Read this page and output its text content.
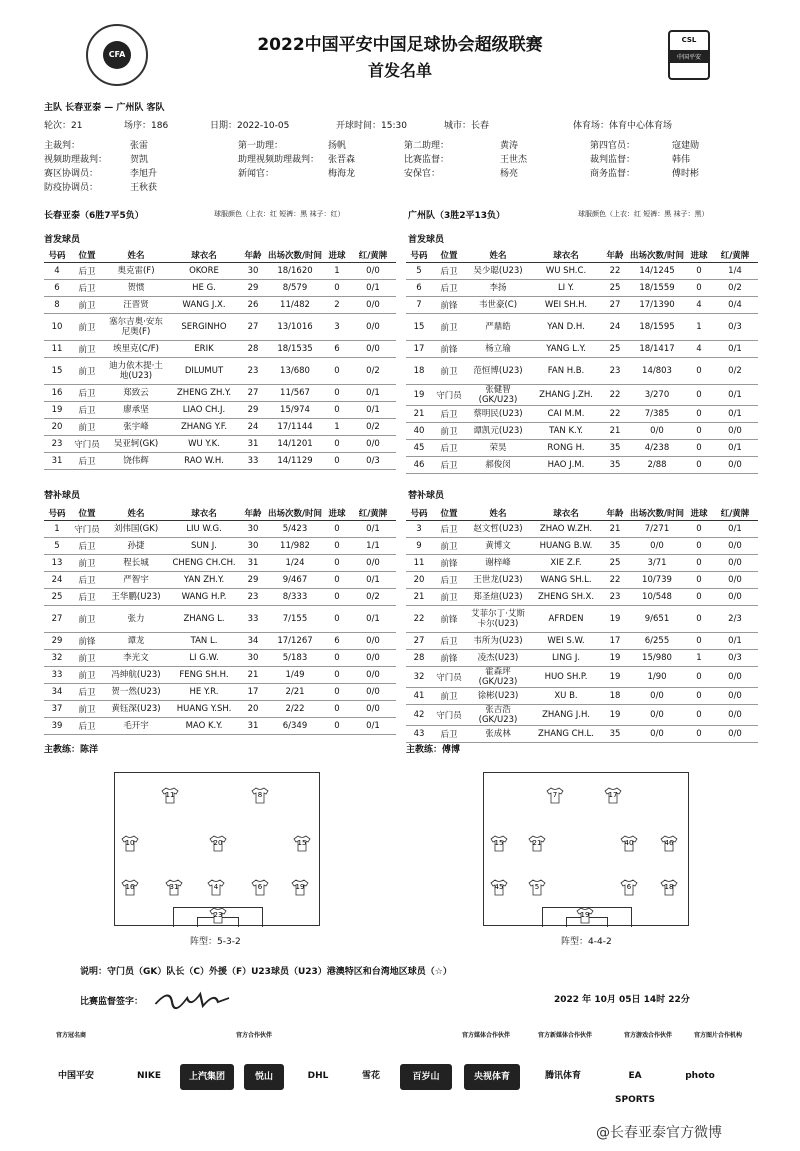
CFA	2022中国平安中国足球协会超级联赛
首发名单
CSL
中国平安
主队 长春亚泰 — 广州队 客队
轮次：21	场序：186	日期：2022-10-05	开球时间：15:30	城市：长春	体育场：体育中心体育场
主裁判：	张雷	第一助理：	扬帆	第二助理：	黄涛	第四官员：	寇建勋
视频助理裁判：	贺凯	助理视频助理裁判： 张晋森	比赛监督：	王世杰	裁判监督：	韩伟
赛区协调员：	李旭升	新闻官：	梅海龙	安保官：	杨亮	商务监督：	傅时彬
防疫协调员：	王秋获
长春亚泰（6胜7平5负）	球服颜色（上衣：红 短裤：黑 袜子：红）	广州队（3胜2平13负）	球服颜色（上衣：红 短裤：黑 袜子：黑）
首发球员	首发球员
号码	位置	姓名	球衣名	年龄	出场次数/时间	进球	红/黄牌
4	后卫	奥克雷(F)	OKORE	30	18/1620	1	0/0
6	后卫	贺惯	HE G.	29	8/579	0	0/1
8	前卫	汪晋贤	WANG J.X.	26	11/482	2	0/0
10	前卫	塞尔吉奥·安东尼奥(F)	SERGINHO	27	13/1016	3	0/0
11	前卫	埃里克(C/F)	ERIK	28	18/1535	6	0/0
15	前卫	迪力依木提·土地(U23)	DILUMUT	23	13/680	0	0/2
16	后卫	郑致云	ZHENG ZH.Y.	27	11/567	0	0/1
19	后卫	廖承坚	LIAO CH.J.	29	15/974	0	0/1
20	前卫	张宇峰	ZHANG Y.F.	24	17/1144	1	0/2
23	守门员	吴亚轲(GK)	WU Y.K.	31	14/1201	0	0/0
31	后卫	饶伟辉	RAO W.H.	33	14/1129	0	0/3
号码	位置	姓名	球衣名	年龄	出场次数/时间	进球	红/黄牌
5	后卫	吴少聪(U23)	WU SH.C.	22	14/1245	0	1/4
6	后卫	李扬	LI Y.	25	18/1559	0	0/2
7	前锋	韦世豪(C)	WEI SH.H.	27	17/1390	4	0/4
15	前卫	严鼎皓	YAN D.H.	24	18/1595	1	0/3
17	前锋	杨立瑜	YANG L.Y.	25	18/1417	4	0/1
18	前卫	范恒博(U23)	FAN H.B.	23	14/803	0	0/2
19	守门员	张健智(GK/U23)	ZHANG J.ZH.	22	3/270	0	0/1
21	后卫	蔡明民(U23)	CAI M.M.	22	7/385	0	0/1
40	前卫	谭凯元(U23)	TAN K.Y.	21	0/0	0	0/0
45	后卫	荣昊	RONG H.	35	4/238	0	0/1
46	后卫	郝俊闵	HAO J.M.	35	2/88	0	0/0
替补球员	替补球员
号码	位置	姓名	球衣名	年龄	出场次数/时间	进球	红/黄牌
1	守门员	刘伟国(GK)	LIU W.G.	30	5/423	0	0/1
5	后卫	孙捷	SUN J.	30	11/982	0	1/1
13	前卫	程长城	CHENG CH.CH.	31	1/24	0	0/0
24	后卫	严智宇	YAN ZH.Y.	29	9/467	0	0/1
25	后卫	王华鹏(U23)	WANG H.P.	23	8/333	0	0/2
27	前卫	张力	ZHANG L.	33	7/155	0	0/1
29	前锋	谭龙	TAN L.	34	17/1267	6	0/0
32	前卫	李光文	LI G.W.	30	5/183	0	0/0
33	前卫	冯绅航(U23)	FENG SH.H.	21	1/49	0	0/0
34	后卫	贺一然(U23)	HE Y.R.	17	2/21	0	0/0
37	前卫	黄钰深(U23)	HUANG Y.SH.	20	2/22	0	0/0
39	后卫	毛开宇	MAO K.Y.	31	6/349	0	0/1
号码	位置	姓名	球衣名	年龄	出场次数/时间	进球	红/黄牌
3	后卫	赵文哲(U23)	ZHAO W.ZH.	21	7/271	0	0/1
9	前卫	黄博文	HUANG B.W.	35	0/0	0	0/0
11	前锋	谢梓峰	XIE Z.F.	25	3/71	0	0/0
20	后卫	王世龙(U23)	WANG SH.L.	22	10/739	0	0/0
21	前卫	郑圣煊(U23)	ZHENG SH.X.	23	10/548	0	0/0
22	前锋	艾菲尔丁·艾斯卡尔(U23)	AFRDEN	19	9/651	0	2/3
27	后卫	韦所为(U23)	WEI S.W.	17	6/255	0	0/1
28	前锋	凌杰(U23)	LING J.	19	15/980	1	0/3
32	守门员	霍森坪(GK/U23)	HUO SH.P.	19	1/90	0	0/0
41	前卫	徐彬(U23)	XU B.	18	0/0	0	0/0
42	守门员	张吉浩(GK/U23)	ZHANG J.H.	19	0/0	0	0/0
43	后卫	张成林	ZHANG CH.L.	35	0/0	0	0/0
主教练：陈洋	主教练：傅博
11	8
10	20	15
16	31	4	6	19
23
阵型：5-3-2
7	17
15	21	40	46
45	5	6	18
19
阵型：4-4-2
说明：守门员（GK）队长（C）外援（F）U23球员（U23）港澳特区和台湾地区球员（☆）
比赛监督签字：	2022 年 10月 05日 14时 22分
官方冠名商	官方合作伙伴	官方媒体合作伙伴	官方新媒体合作伙伴	官方游戏合作伙伴	官方图片合作机构
中国平安	NIKE	上汽集团	悦山	DHL	雪花	百岁山	央视体育	腾讯体育	EA SPORTS
photo
@长春亚泰官方微博
